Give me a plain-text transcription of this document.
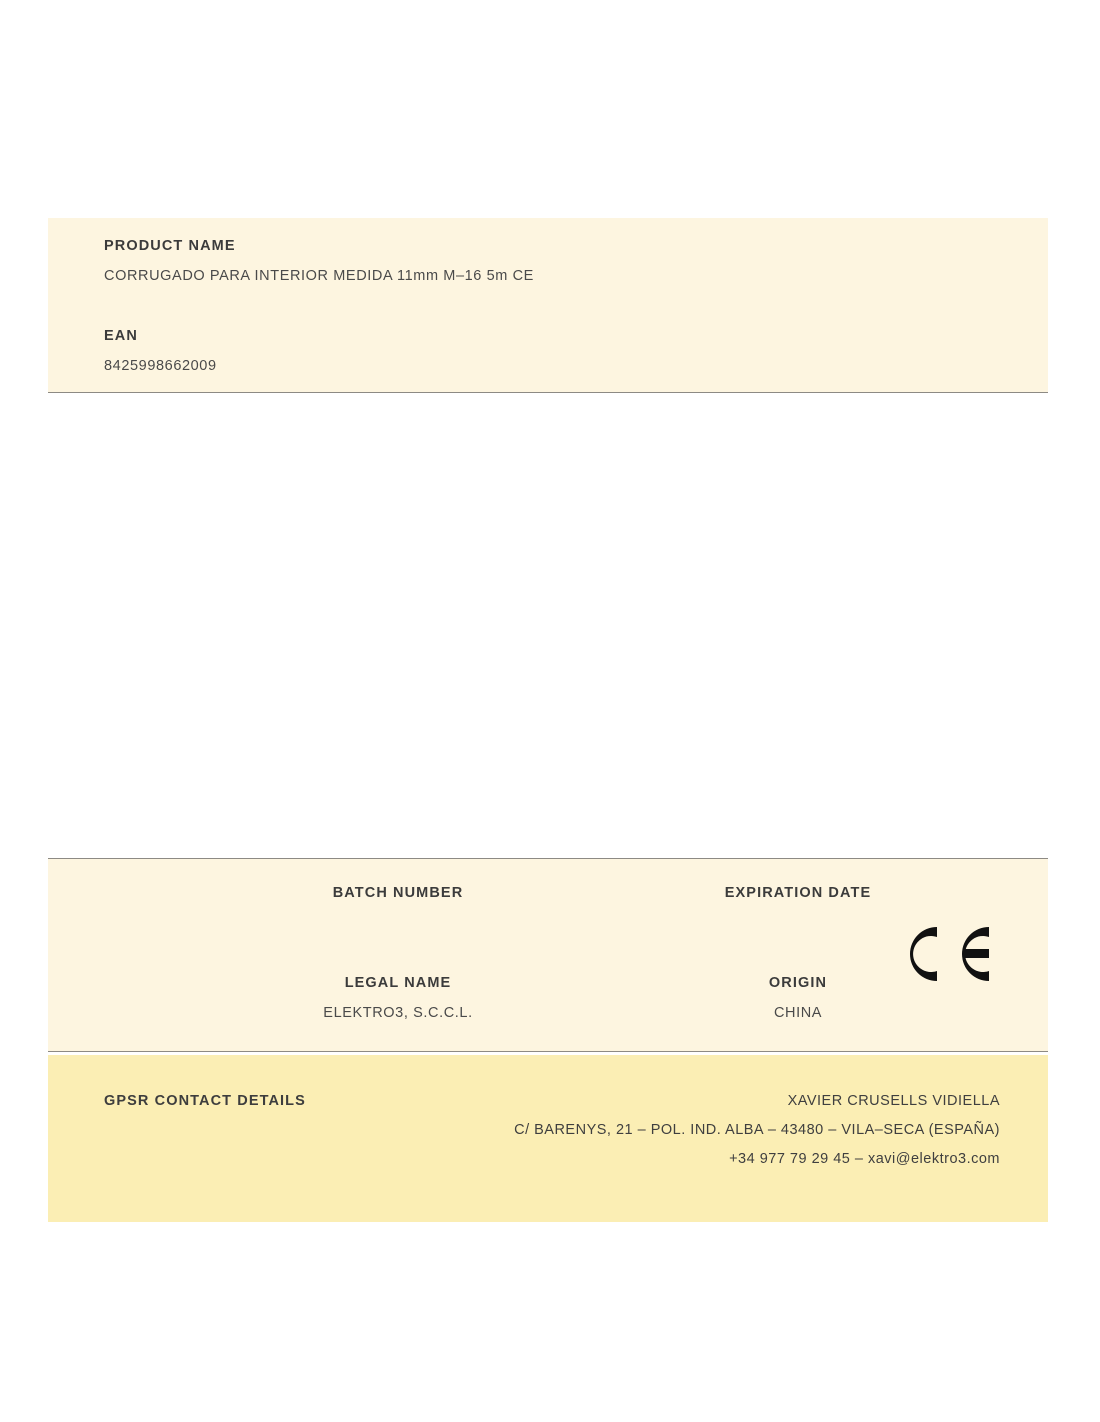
PRODUCT NAME
CORRUGADO PARA INTERIOR MEDIDA 11mm M–16 5m CE
EAN
8425998662009
BATCH NUMBER	EXPIRATION DATE
LEGAL NAME	ORIGIN
ELEKTRO3, S.C.C.L.	CHINA
GPSR CONTACT DETAILS	XAVIER CRUSELLS VIDIELLA
C/ BARENYS, 21 – POL. IND. ALBA – 43480 – VILA–SECA (ESPAÑA)
+34 977 79 29 45 – xavi@elektro3.com
